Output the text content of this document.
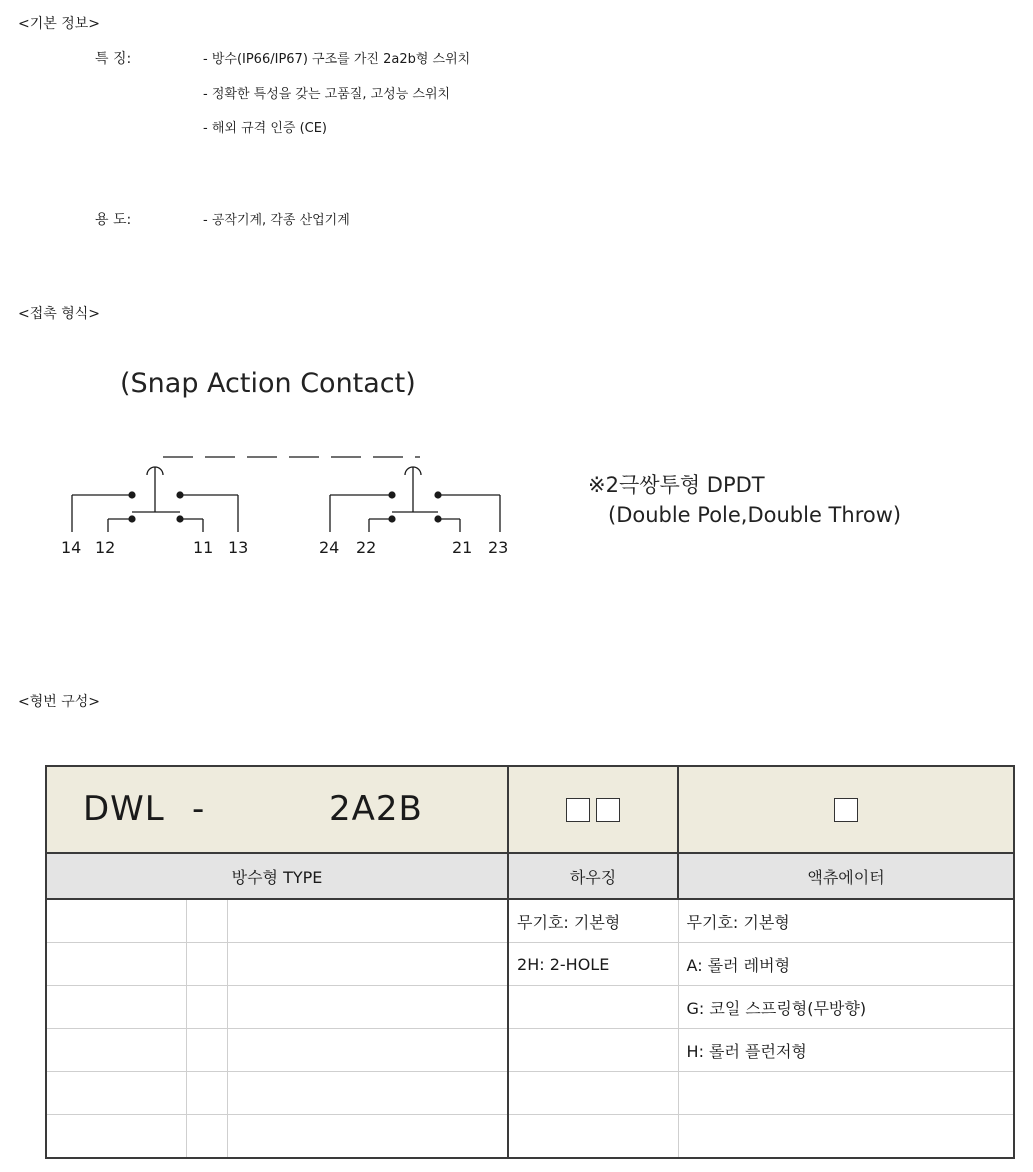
<기본 정보>
특 징:	- 방수(IP66/IP67) 구조를 가진 2a2b형 스위치
- 정확한 특성을 갖는 고품질, 고성능 스위치
- 해외 규격 인증 (CE)
용 도:	- 공작기계, 각종 산업기계
<접촉 형식>
(Snap Action Contact)
14 12	11 13	24 22	21 23
※2극쌍투형 DPDT
(Double Pole,Double Throw)
<형번 구성>
DWL - 2A2B				

방수형 TYPE			하우징	액츄에이터
			무기호: 기본형	무기호: 기본형
			2H: 2-HOLE	A: 롤러 레버형
				G: 코일 스프링형(무방향)
				H: 롤러 플런저형
